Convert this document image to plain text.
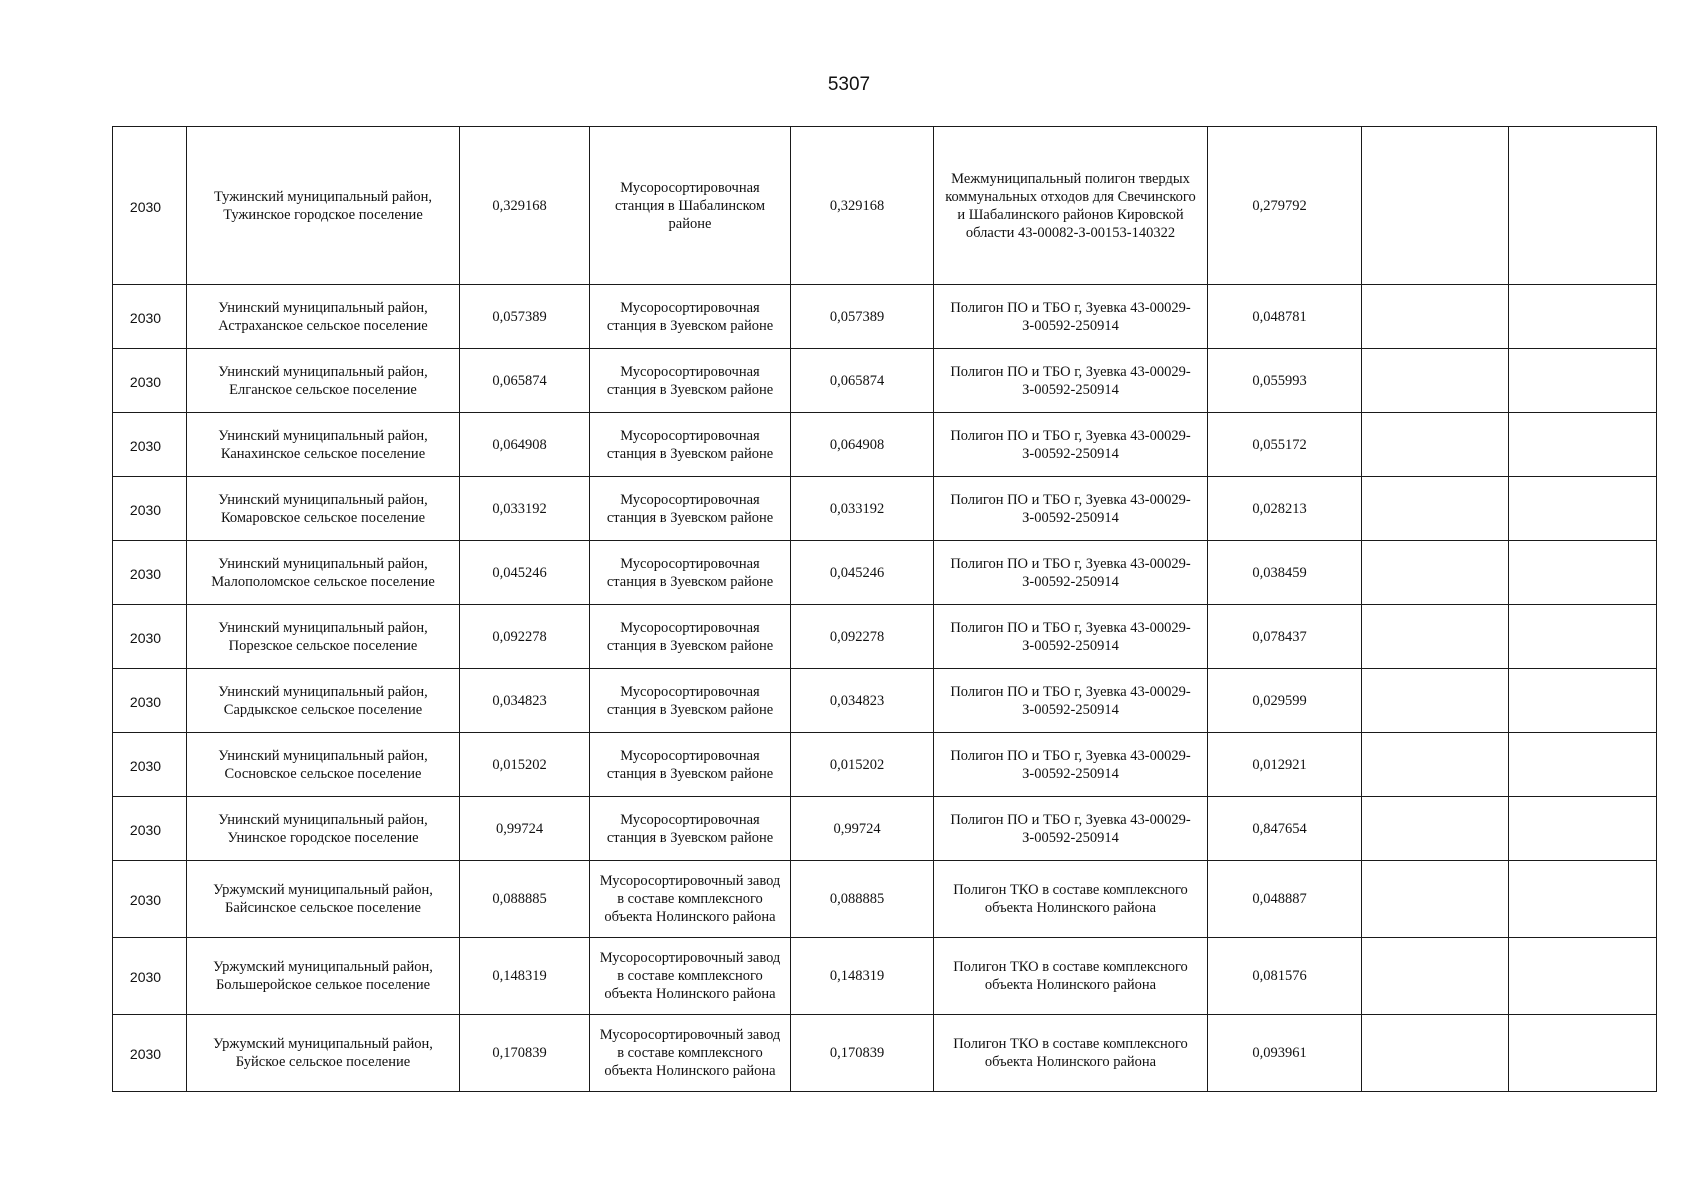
5307
2030	Тужинский муниципальный район, Тужинское городское поселение	0,329168	Мусоросортировочная станция в Шабалинском районе	0,329168	Межмуниципальный полигон твердых коммунальных отходов для Свечинского и Шабалинского районов Кировской области 43-00082-З-00153-140322	0,279792		
2030	Унинский муниципальный район, Астраханское сельское поселение	0,057389	Мусоросортировочная станция в Зуевском районе	0,057389	Полигон ПО и ТБО г, Зуевка 43-00029-З-00592-250914	0,048781		
2030	Унинский муниципальный район, Елганское сельское поселение	0,065874	Мусоросортировочная станция в Зуевском районе	0,065874	Полигон ПО и ТБО г, Зуевка 43-00029-З-00592-250914	0,055993		
2030	Унинский муниципальный район, Канахинское сельское поселение	0,064908	Мусоросортировочная станция в Зуевском районе	0,064908	Полигон ПО и ТБО г, Зуевка 43-00029-З-00592-250914	0,055172		
2030	Унинский муниципальный район, Комаровское сельское поселение	0,033192	Мусоросортировочная станция в Зуевском районе	0,033192	Полигон ПО и ТБО г, Зуевка 43-00029-З-00592-250914	0,028213		
2030	Унинский муниципальный район, Малополомское сельское поселение	0,045246	Мусоросортировочная станция в Зуевском районе	0,045246	Полигон ПО и ТБО г, Зуевка 43-00029-З-00592-250914	0,038459		
2030	Унинский муниципальный район, Порезское сельское поселение	0,092278	Мусоросортировочная станция в Зуевском районе	0,092278	Полигон ПО и ТБО г, Зуевка 43-00029-З-00592-250914	0,078437		
2030	Унинский муниципальный район, Сардыкское сельское поселение	0,034823	Мусоросортировочная станция в Зуевском районе	0,034823	Полигон ПО и ТБО г, Зуевка 43-00029-З-00592-250914	0,029599		
2030	Унинский муниципальный район, Сосновское сельское поселение	0,015202	Мусоросортировочная станция в Зуевском районе	0,015202	Полигон ПО и ТБО г, Зуевка 43-00029-З-00592-250914	0,012921		
2030	Унинский муниципальный район, Унинское городское поселение	0,99724	Мусоросортировочная станция в Зуевском районе	0,99724	Полигон ПО и ТБО г, Зуевка 43-00029-З-00592-250914	0,847654		
2030	Уржумский муниципальный район, Байсинское сельское поселение	0,088885	Мусоросортировочный завод в составе комплексного объекта Нолинского района	0,088885	Полигон ТКО в составе комплексного объекта Нолинского района	0,048887		
2030	Уржумский муниципальный район, Большеройское селькое поселение	0,148319	Мусоросортировочный завод в составе комплексного объекта Нолинского района	0,148319	Полигон ТКО в составе комплексного объекта Нолинского района	0,081576		
2030	Уржумский муниципальный район, Буйское сельское поселение	0,170839	Мусоросортировочный завод в составе комплексного объекта Нолинского района	0,170839	Полигон ТКО в составе комплексного объекта Нолинского района	0,093961		
